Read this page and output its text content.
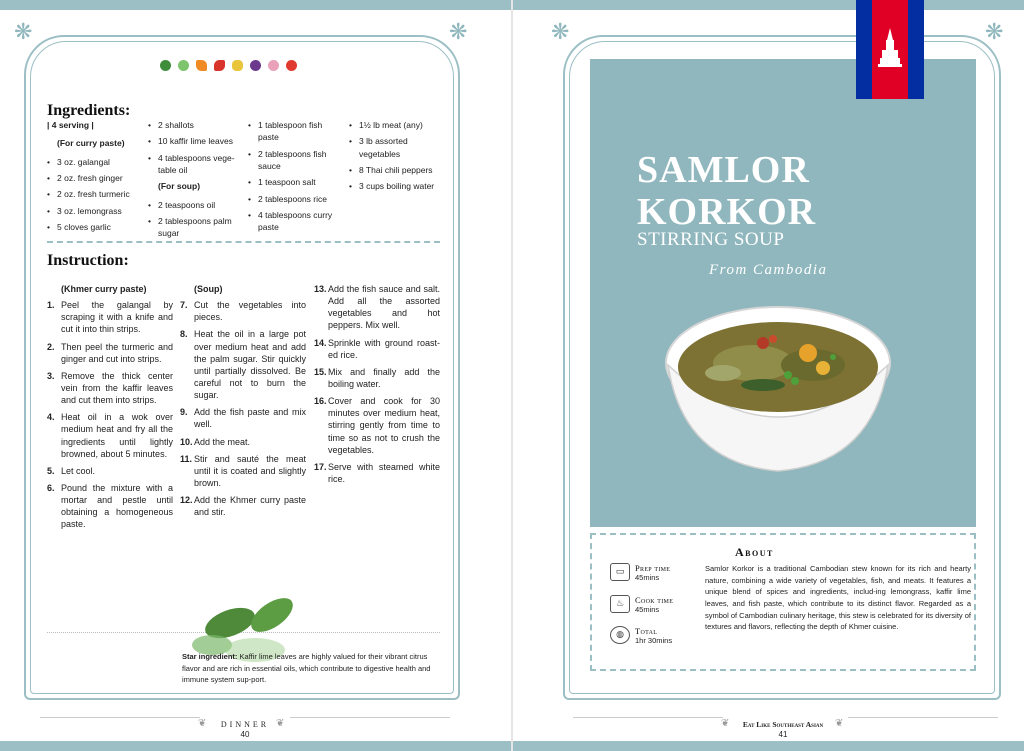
❋	❋
Ingredients:
| 4 serving |
(For curry paste)
• 3 oz. galangal
• 2 oz. fresh ginger
• 2 oz. fresh turmeric
• 3 oz. lemongrass
• 5 cloves garlic
• 2 shallots
• 10 kaffir lime leaves
• 4 tablespoons vege-table oil
(For soup)
• 2 teaspoons oil
• 2 tablespoons palm sugar
• 1 tablespoon fish paste
• 2 tablespoons fish sauce
• 1 teaspoon salt
• 2 tablespoons rice
• 4 tablespoons curry paste
• 1½ lb meat (any)
• 3 lb assorted vegetables
• 8 Thai chili peppers
• 3 cups boiling water
Instruction:
(Khmer curry paste)
1. Peel the galangal by scraping it with a knife and cut it into thin strips.
2. Then peel the turmeric and ginger and cut into strips.
3. Remove the thick center vein from the kaffir leaves and cut them into strips.
4. Heat oil in a wok over medium heat and fry all the ingredients until lightly browned, about 5 minutes.
5. Let cool.
6. Pound the mixture with a mortar and pestle until obtaining a homogeneous paste.
(Soup)
7. Cut the vegetables into pieces.
8. Heat the oil in a large pot over medium heat and add the palm sugar. Stir quickly until partially dissolved. Be careful not to burn the sugar.
9. Add the fish paste and mix well.
10. Add the meat.
11. Stir and sauté the meat until it is coated and slightly brown.
12. Add the Khmer curry paste and stir.
13. Add the fish sauce and salt. Add all the assorted vegetables and hot peppers. Mix well.
14. Sprinkle with ground roast-ed rice.
15. Mix and finally add the boiling water.
16. Cover and cook for 30 minutes over medium heat, stirring gently from time to time so as not to crush the vegetables.
17. Serve with steamed white rice.
Star ingredient: Kaffir lime leaves are highly valued for their vibrant citrus flavor and are rich in essential oils, which contribute to digestive health and immune system sup-port.
❦	❦
DINNER
40
❋	❋
SAMLOR
KORKOR
STIRRING SOUP
From Cambodia
About
Samlor Korkor is a traditional Cambodian stew known for its rich and hearty nature, combining a wide variety of vegetables, fish, and meats. It features a unique blend of spices and ingredients, includ-ing lemongrass, kaffir lime leaves, and fish paste, which contribute to its distinct flavor. Regarded as a symbol of Cambodian culinary heritage, this stew is celebrated for its diversity of textures and flavors, reflecting the depth of Khmer cuisine.
▭	Prep time
45mins
♨	Cook time
45mins
◍	Total
1hr 30mins
❦	❦
Eat Like Southeast Asian
41
